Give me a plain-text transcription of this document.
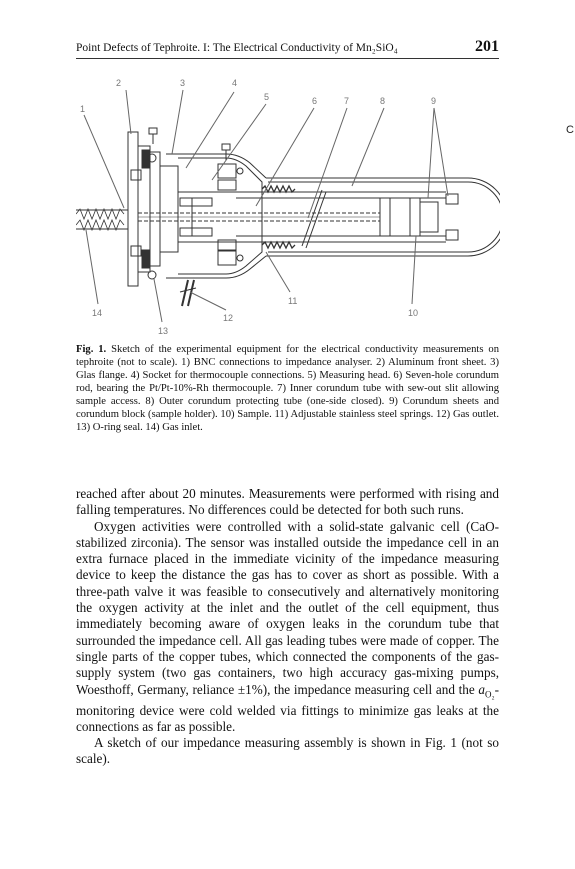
Point Defects of Tephroite. I: The Electrical Conductivity of Mn₂SiO₄	201
C
1
2	3	4
5	6	7	8	9
10
11
12
13
14
Fig. 1. Sketch of the experimental equipment for the electrical conductivity measurements on tephroite (not to scale). 1) BNC connections to impedance analyser. 2) Aluminum front sheet. 3) Glas flange. 4) Socket for thermocouple connections. 5) Measuring head. 6) Seven-hole corundum rod, bearing the Pt/Pt-10%-Rh thermocouple. 7) Inner corundum tube with sew-out slit allowing sample access. 8) Outer corundum protecting tube (one-side closed). 9) Corundum sheets and corundum block (sample holder). 10) Sample. 11) Adjustable stainless steel springs. 12) Gas outlet. 13) O-ring seal. 14) Gas inlet.

reached after about 20 minutes. Measurements were performed with rising and falling temperatures. No differences could be detected for both such runs.

Oxygen activities were controlled with a solid-state galvanic cell (CaO-stabilized zirconia). The sensor was installed outside the impedance cell in an extra furnace placed in the immediate vicinity of the impedance measuring device to keep the distance the gas has to cover as short as possible. With a three-path valve it was feasible to consecutively and alternatively monitoring the oxygen activity at the inlet and the outlet of the cell equipment, thus immediately becoming aware of oxygen leaks in the corundum tube that surrounded the impedance cell. All gas leading tubes were made of copper. The single parts of the copper tubes, which connected the components of the gas-supply system (two gas containers, two high accuracy gas-mixing pumps, Woesthoff, Germany, reliance ±1%), the impedance measuring cell and the $a_{O_2}$-monitoring device were cold welded via fittings to minimize gas leaks at the connections as far as possible.

A sketch of our impedance measuring assembly is shown in Fig. 1 (not so scale).
